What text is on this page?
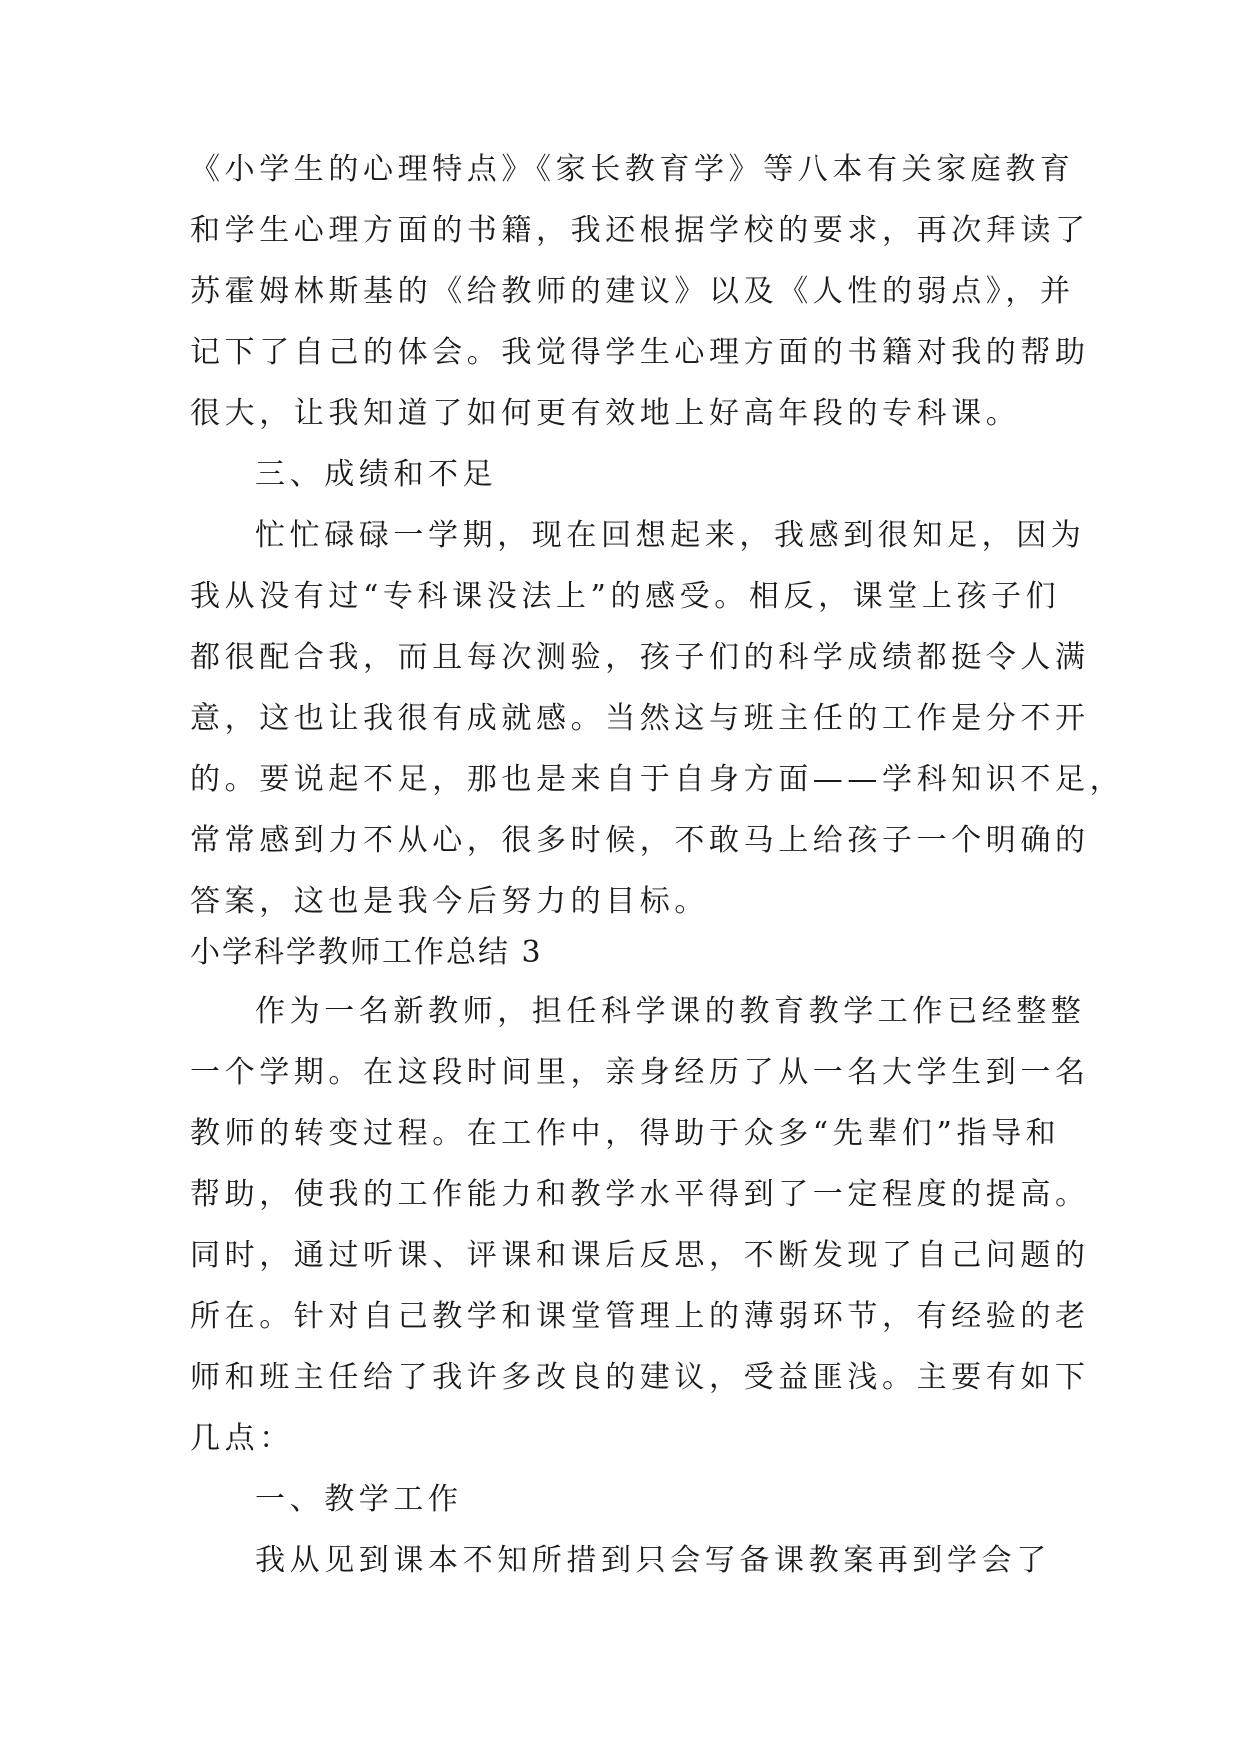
《小学生的心理特点》《家长教育学》等八本有关家庭教育
和学生心理方面的书籍，我还根据学校的要求，再次拜读了
苏霍姆林斯基的《给教师的建议》以及《人性的弱点》，并
记下了自己的体会。我觉得学生心理方面的书籍对我的帮助
很大，让我知道了如何更有效地上好高年段的专科课。
三、成绩和不足
忙忙碌碌一学期，现在回想起来，我感到很知足，因为
我从没有过“专科课没法上”的感受。相反，课堂上孩子们
都很配合我，而且每次测验，孩子们的科学成绩都挺令人满
意，这也让我很有成就感。当然这与班主任的工作是分不开
的。要说起不足，那也是来自于自身方面——学科知识不足，
常常感到力不从心，很多时候，不敢马上给孩子一个明确的
答案，这也是我今后努力的目标。
小学科学教师工作总结 3
作为一名新教师，担任科学课的教育教学工作已经整整
一个学期。在这段时间里，亲身经历了从一名大学生到一名
教师的转变过程。在工作中，得助于众多“先辈们”指导和
帮助，使我的工作能力和教学水平得到了一定程度的提高。
同时，通过听课、评课和课后反思，不断发现了自己问题的
所在。针对自己教学和课堂管理上的薄弱环节，有经验的老
师和班主任给了我许多改良的建议，受益匪浅。主要有如下
几点：
一、教学工作
我从见到课本不知所措到只会写备课教案再到学会了
